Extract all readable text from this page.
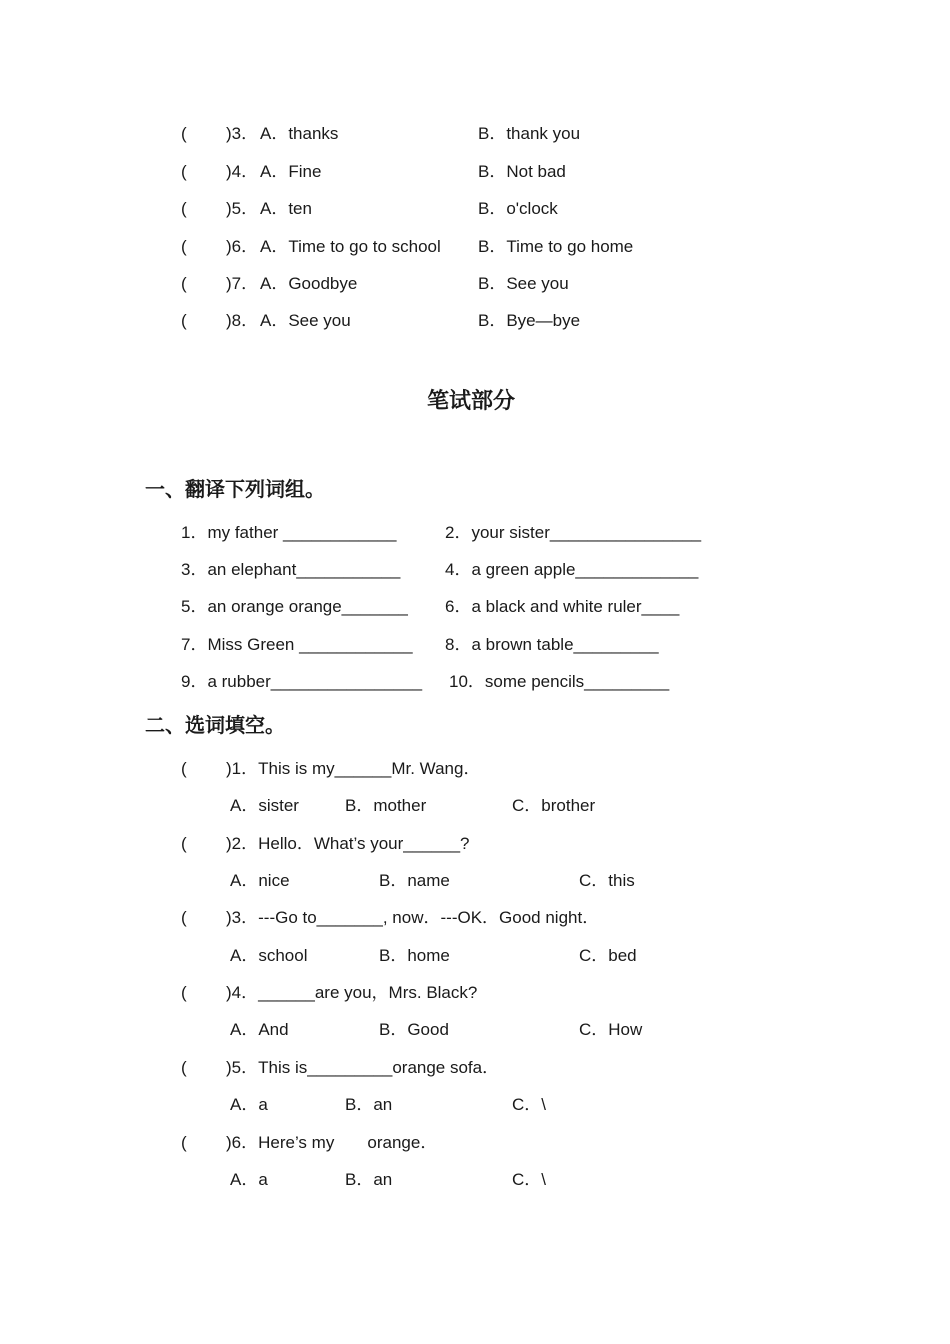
( )3． A．thanks	B．thank you
( )4． A．Fine	B．Not bad
( )5． A．ten	B．o'clock
( )6． A．Time to go to school B．Time to go home
( )7． A．Goodbye	B．See you
( )8． A．See you	B．Bye—bye
笔试部分
一、翻译下列词组。
1．my father ____________	2．your sister________________
3．an elephant___________	4．a green apple_____________
5．an orange orange_______ 6．a black and white ruler____
7．Miss Green ____________ 8．a brown table_________
9．a rubber________________ 10．some pencils_________
二、选词填空。
( )1．This is my______Mr. Wang．
A．sister	B．mother	C．brother
( )2．Hello．What’s your______?
A．nice	B．name	C．this
( )3．---Go to_______, now．---OK．Good night．
A．school	B．home	C．bed
( )4．______are you，Mrs. Black?
A．And	B．Good	C．How
( )5．This is_________orange sofa．
A．a	B．an	C．\
( )6．Here’s my       orange．
A．a	B．an	C．\
